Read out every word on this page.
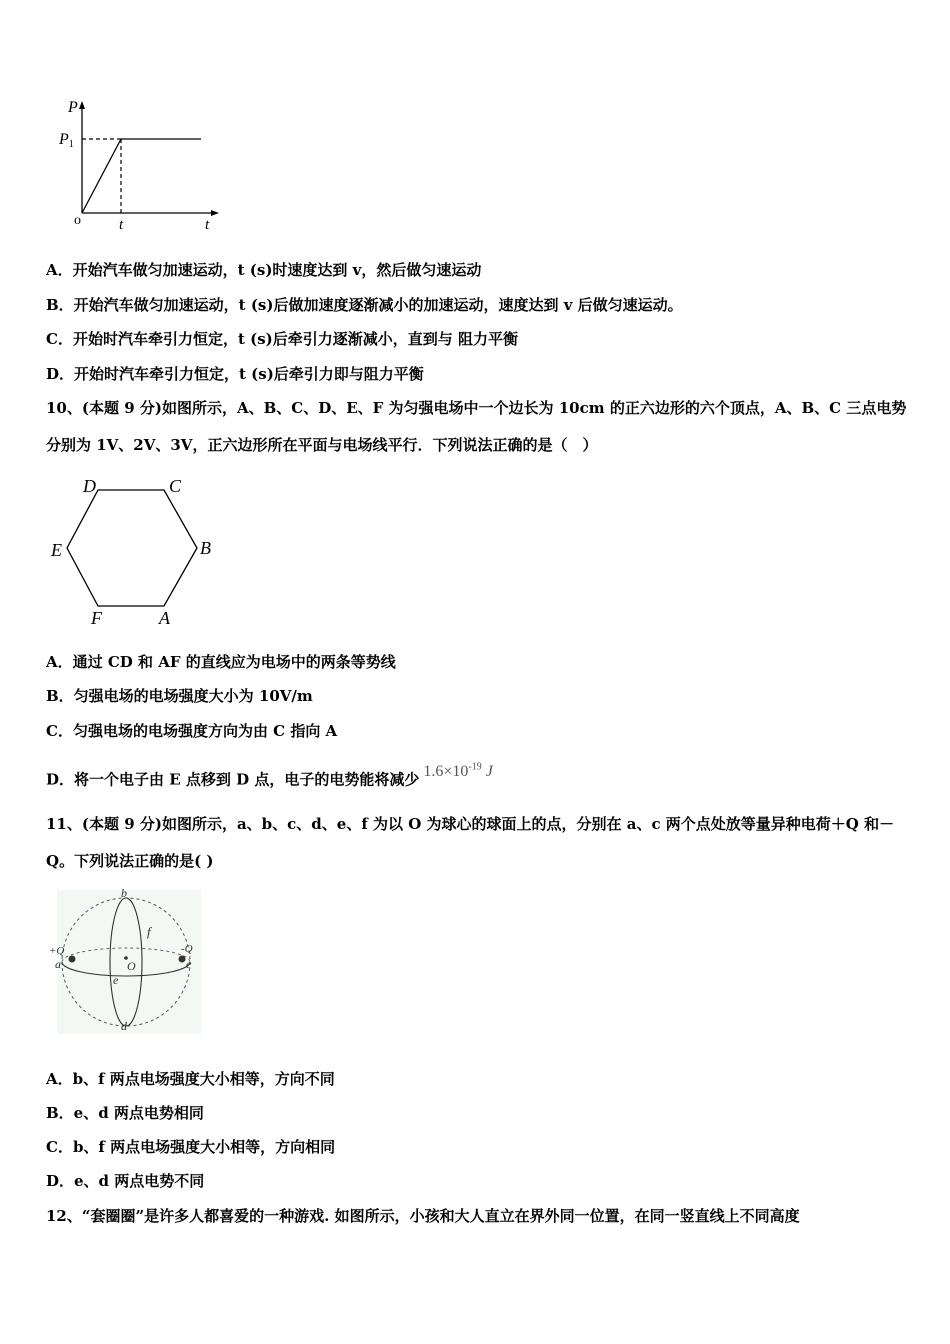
P
P1
o	t	t
A．开始汽车做匀加速运动，t (s)时速度达到 v，然后做匀速运动
B．开始汽车做匀加速运动，t (s)后做加速度逐渐减小的加速运动，速度达到 v 后做匀速运动。
C．开始时汽车牵引力恒定，t (s)后牵引力逐渐减小，直到与 阻力平衡
D．开始时汽车牵引力恒定，t (s)后牵引力即与阻力平衡
10、(本题 9 分)如图所示，A、B、C、D、E、F 为匀强电场中一个边长为 10cm 的正六边形的六个顶点，A、B、C 三点电势
分别为 1V、2V、3V，正六边形所在平面与电场线平行．下列说法正确的是（　）
D	C
E	B
F	A
A．通过 CD 和 AF 的直线应为电场中的两条等势线
B．匀强电场的电场强度大小为 10V/m
C．匀强电场的电场强度方向为由 C 指向 A
D．将一个电子由 E 点移到 D 点，电子的电势能将减少 $1.6\times 10^{-19}$ J
11、(本题 9 分)如图所示，a、b、c、d、e、f 为以 O 为球心的球面上的点，分别在 a、c 两个点处放等量异种电荷＋Q 和－
Q。下列说法正确的是( )
b
f
+Q
a	O
-Q
c
e
d
A．b、f 两点电场强度大小相等，方向不同
B．e、d 两点电势相同
C．b、f 两点电场强度大小相等，方向相同
D．e、d 两点电势不同
12、“套圈圈”是许多人都喜爱的一种游戏. 如图所示，小孩和大人直立在界外同一位置，在同一竖直线上不同高度
